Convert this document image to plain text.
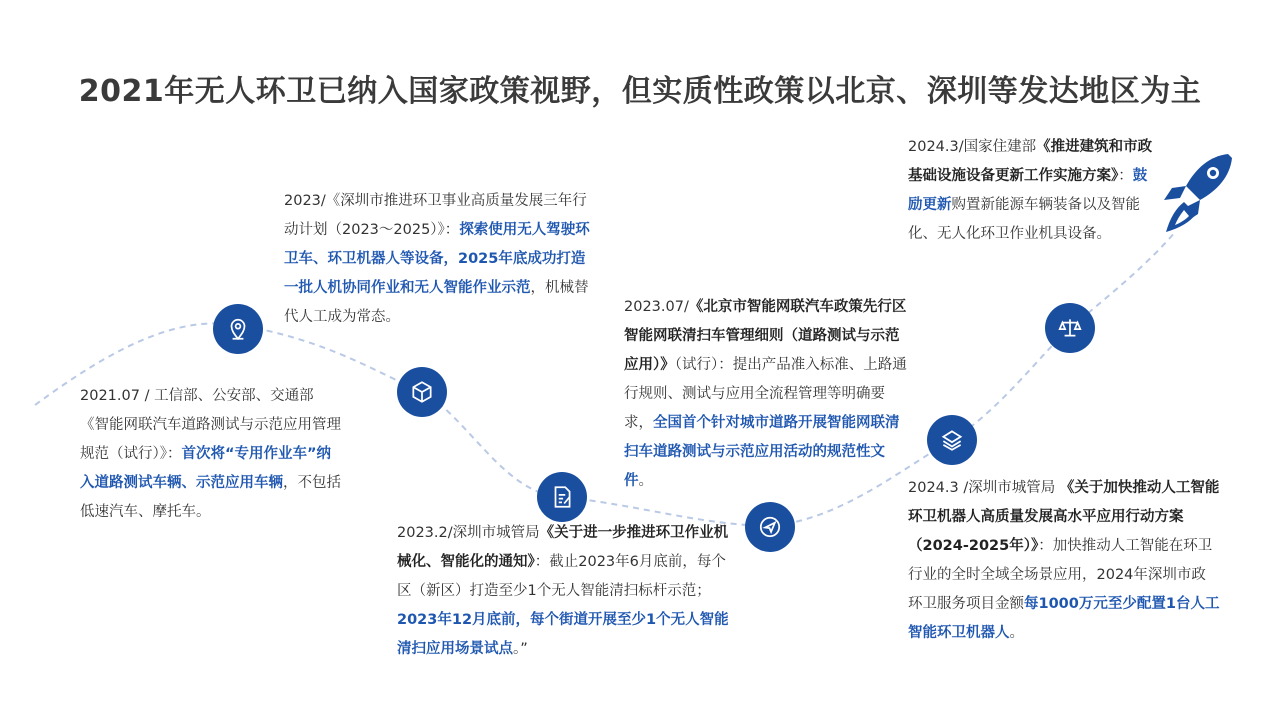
2021年无人环卫已纳入国家政策视野，但实质性政策以北京、深圳等发达地区为主
2021.07 / 工信部、公安部、交通部《智能网联汽车道路测试与示范应用管理规范（试行）》：首次将“专用作业车”纳入道路测试车辆、示范应用车辆，不包括低速汽车、摩托车。
2023/《深圳市推进环卫事业高质量发展三年行动计划（2023～2025）》：探索使用无人驾驶环卫车、环卫机器人等设备，2025年底成功打造一批人机协同作业和无人智能作业示范，机械替代人工成为常态。
2023.2/深圳市城管局《关于进一步推进环卫作业机械化、智能化的通知》：截止2023年6月底前，每个区（新区）打造至少1个无人智能清扫标杆示范；2023年12月底前，每个街道开展至少1个无人智能清扫应用场景试点。”
2023.07/《北京市智能网联汽车政策先行区智能网联清扫车管理细则（道路测试与示范应用）》（试行）：提出产品准入标准、上路通行规则、测试与应用全流程管理等明确要求，全国首个针对城市道路开展智能网联清扫车道路测试与示范应用活动的规范性文件。	2024.3 /深圳市城管局 《关于加快推动人工智能环卫机器人高质量发展高水平应用行动方案（2024-2025年）》：加快推动人工智能在环卫行业的全时全域全场景应用，2024年深圳市政环卫服务项目金额每1000万元至少配置1台人工智能环卫机器人。
2024.3/国家住建部《推进建筑和市政基础设施设备更新工作实施方案》：鼓励更新购置新能源车辆装备以及智能化、无人化环卫作业机具设备。
